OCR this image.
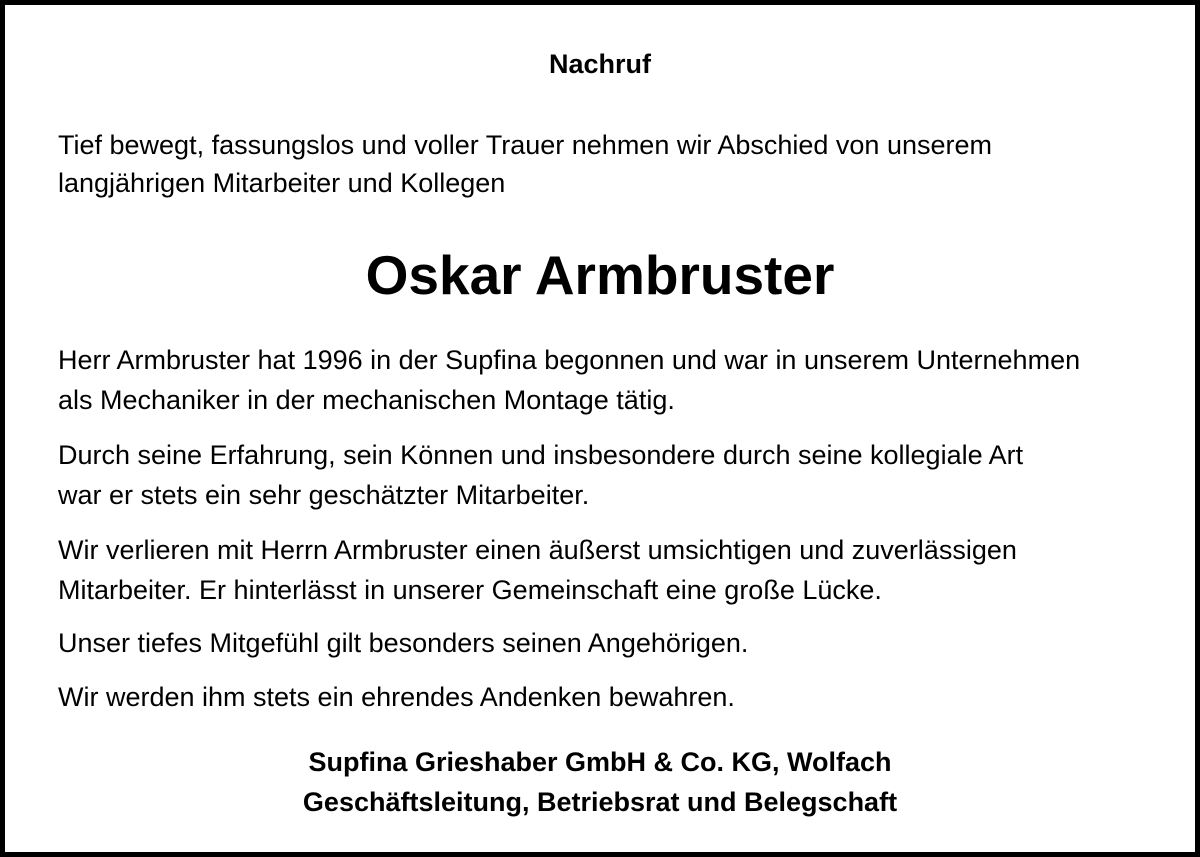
Nachruf
Tief bewegt, fassungslos und voller Trauer nehmen wir Abschied von unserem
langjährigen Mitarbeiter und Kollegen
Oskar Armbruster
Herr Armbruster hat 1996 in der Supfina begonnen und war in unserem Unternehmen
als Mechaniker in der mechanischen Montage tätig.
Durch seine Erfahrung, sein Können und insbesondere durch seine kollegiale Art
war er stets ein sehr geschätzter Mitarbeiter.
Wir verlieren mit Herrn Armbruster einen äußerst umsichtigen und zuverlässigen
Mitarbeiter. Er hinterlässt in unserer Gemeinschaft eine große Lücke.
Unser tiefes Mitgefühl gilt besonders seinen Angehörigen.
Wir werden ihm stets ein ehrendes Andenken bewahren.
Supfina Grieshaber GmbH & Co. KG, Wolfach
Geschäftsleitung, Betriebsrat und Belegschaft
